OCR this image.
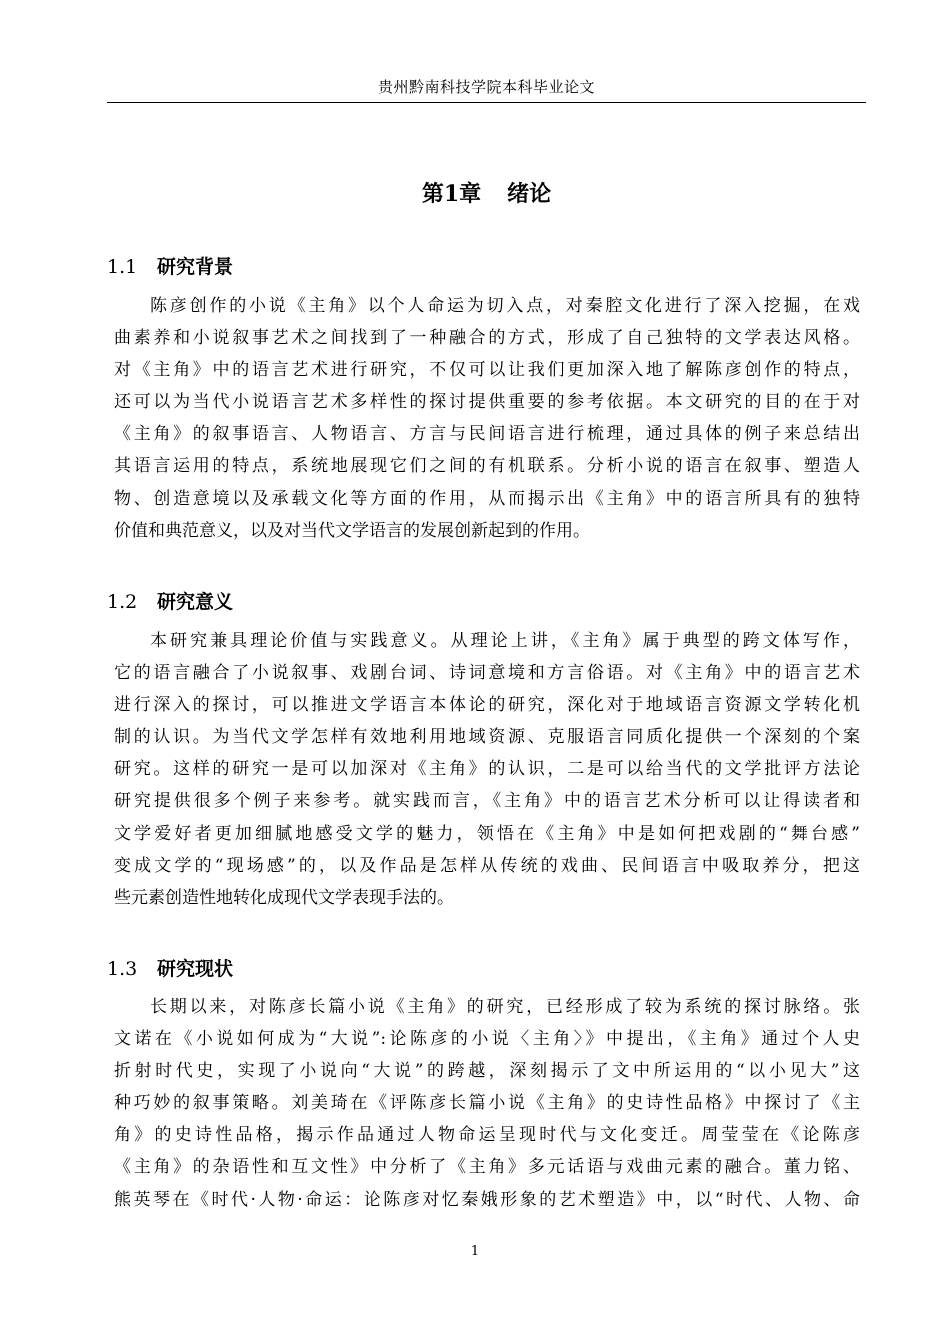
贵州黔南科技学院本科毕业论文
第1章 绪论
1.1 研究背景
陈彦创作的小说《主角》以个人命运为切入点，对秦腔文化进行了深入挖掘，在戏
曲素养和小说叙事艺术之间找到了一种融合的方式，形成了自己独特的文学表达风格。
对《主角》中的语言艺术进行研究，不仅可以让我们更加深入地了解陈彦创作的特点，
还可以为当代小说语言艺术多样性的探讨提供重要的参考依据。本文研究的目的在于对
《主角》的叙事语言、人物语言、方言与民间语言进行梳理，通过具体的例子来总结出
其语言运用的特点，系统地展现它们之间的有机联系。分析小说的语言在叙事、塑造人
物、创造意境以及承载文化等方面的作用，从而揭示出《主角》中的语言所具有的独特
价值和典范意义，以及对当代文学语言的发展创新起到的作用。
1.2 研究意义
本研究兼具理论价值与实践意义。从理论上讲，《主角》属于典型的跨文体写作，
它的语言融合了小说叙事、戏剧台词、诗词意境和方言俗语。对《主角》中的语言艺术
进行深入的探讨，可以推进文学语言本体论的研究，深化对于地域语言资源文学转化机
制的认识。为当代文学怎样有效地利用地域资源、克服语言同质化提供一个深刻的个案
研究。这样的研究一是可以加深对《主角》的认识，二是可以给当代的文学批评方法论
研究提供很多个例子来参考。就实践而言，《主角》中的语言艺术分析可以让得读者和
文学爱好者更加细腻地感受文学的魅力，领悟在《主角》中是如何把戏剧的“舞台感”
变成文学的“现场感”的，以及作品是怎样从传统的戏曲、民间语言中吸取养分，把这
些元素创造性地转化成现代文学表现手法的。
1.3 研究现状
长期以来，对陈彦长篇小说《主角》的研究，已经形成了较为系统的探讨脉络。张
文诺在《小说如何成为“大说”:论陈彦的小说〈主角〉》中提出，《主角》通过个人史
折射时代史，实现了小说向“大说”的跨越，深刻揭示了文中所运用的“以小见大”这
种巧妙的叙事策略。刘美琦在《评陈彦长篇小说《主角》的史诗性品格》中探讨了《主
角》的史诗性品格，揭示作品通过人物命运呈现时代与文化变迁。周莹莹在《论陈彦
《主角》的杂语性和互文性》中分析了《主角》多元话语与戏曲元素的融合。董力铭、
熊英琴在《时代·人物·命运：论陈彦对忆秦娥形象的艺术塑造》中，以“时代、人物、命
1
